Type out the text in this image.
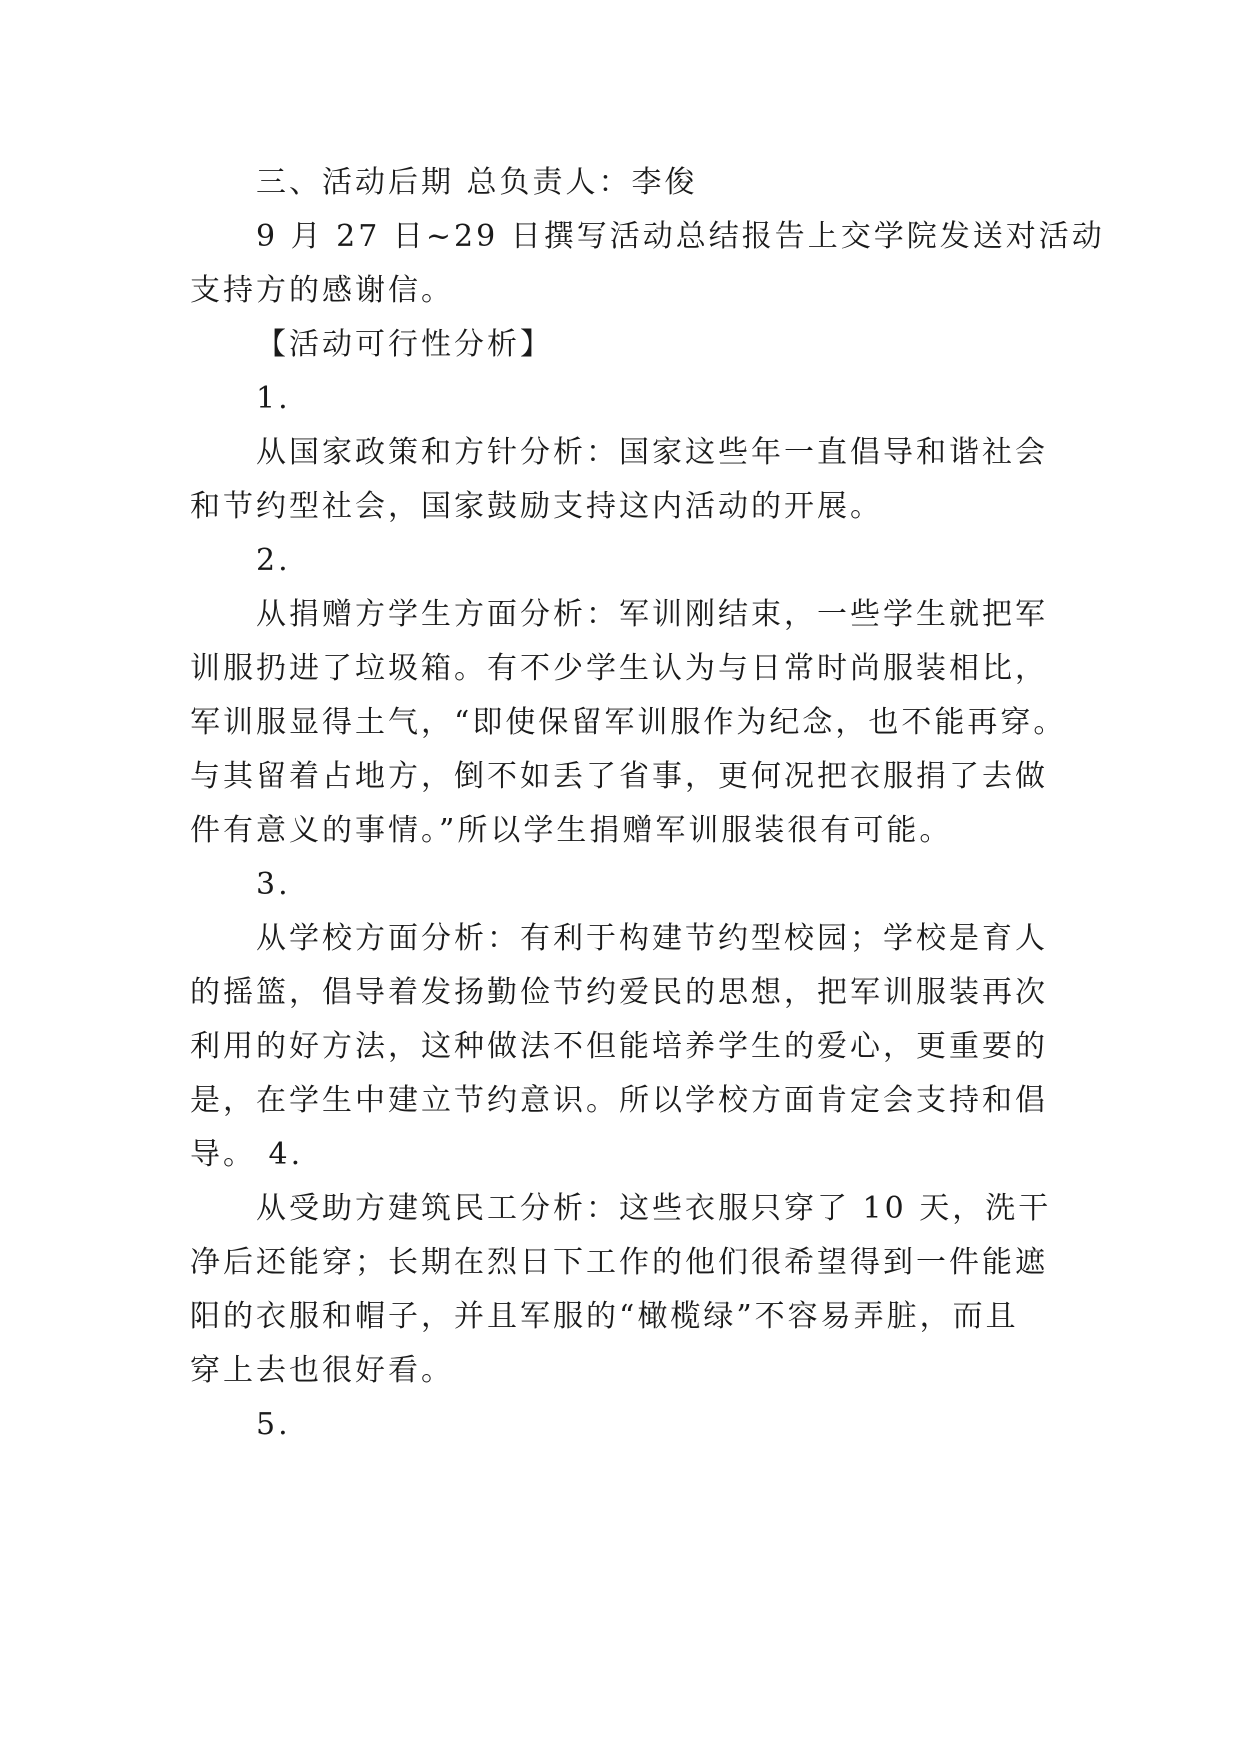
三、活动后期 总负责人：李俊
9 月 27 日~29 日撰写活动总结报告上交学院发送对活动
支持方的感谢信。
【活动可行性分析】
1.
从国家政策和方针分析：国家这些年一直倡导和谐社会
和节约型社会，国家鼓励支持这内活动的开展。
2.
从捐赠方学生方面分析：军训刚结束，一些学生就把军
训服扔进了垃圾箱。有不少学生认为与日常时尚服装相比，
军训服显得土气，“即使保留军训服作为纪念，也不能再穿。
与其留着占地方，倒不如丢了省事，更何况把衣服捐了去做
件有意义的事情。”所以学生捐赠军训服装很有可能。
3.
从学校方面分析：有利于构建节约型校园；学校是育人
的摇篮，倡导着发扬勤俭节约爱民的思想，把军训服装再次
利用的好方法，这种做法不但能培养学生的爱心，更重要的
是，在学生中建立节约意识。所以学校方面肯定会支持和倡
导。 4.
从受助方建筑民工分析：这些衣服只穿了 10 天，洗干
净后还能穿；长期在烈日下工作的他们很希望得到一件能遮
阳的衣服和帽子，并且军服的“橄榄绿”不容易弄脏，而且
穿上去也很好看。
5.
